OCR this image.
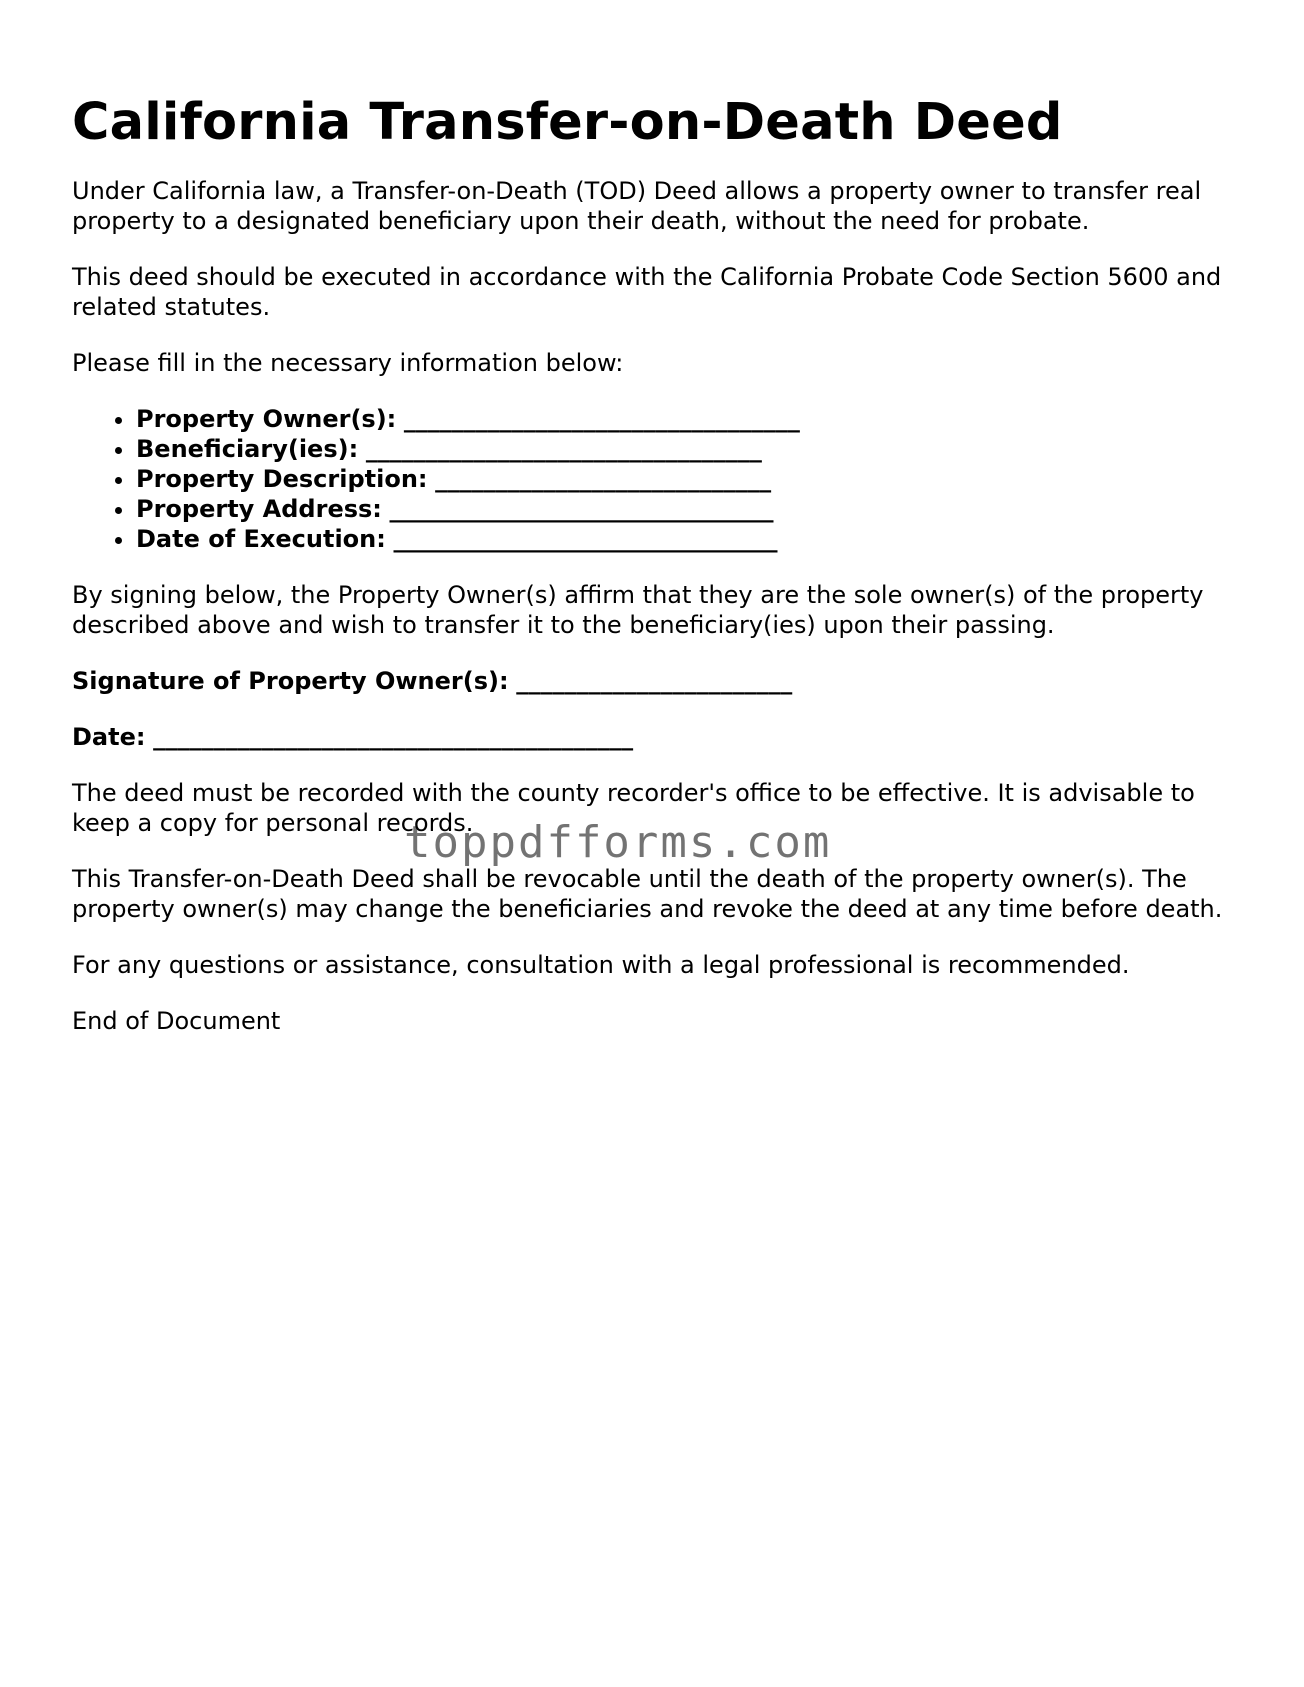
California Transfer-on-Death Deed

Under California law, a Transfer-on-Death (TOD) Deed allows a property owner to transfer real property to a designated beneficiary upon their death, without the need for probate.

This deed should be executed in accordance with the California Probate Code Section 5600 and related statutes.

Please fill in the necessary information below:

• Property Owner(s): _________________________________
• Beneficiary(ies): _________________________________
• Property Description: ____________________________
• Property Address: ________________________________
• Date of Execution: ________________________________

By signing below, the Property Owner(s) affirm that they are the sole owner(s) of the property described above and wish to transfer it to the beneficiary(ies) upon their passing.

Signature of Property Owner(s): _______________________

Date: ________________________________________

The deed must be recorded with the county recorder's office to be effective. It is advisable to keep a copy for personal records.

This Transfer-on-Death Deed shall be revocable until the death of the property owner(s). The property owner(s) may change the beneficiaries and revoke the deed at any time before death.

For any questions or assistance, consultation with a legal professional is recommended.

End of Document

toppdfforms.com
